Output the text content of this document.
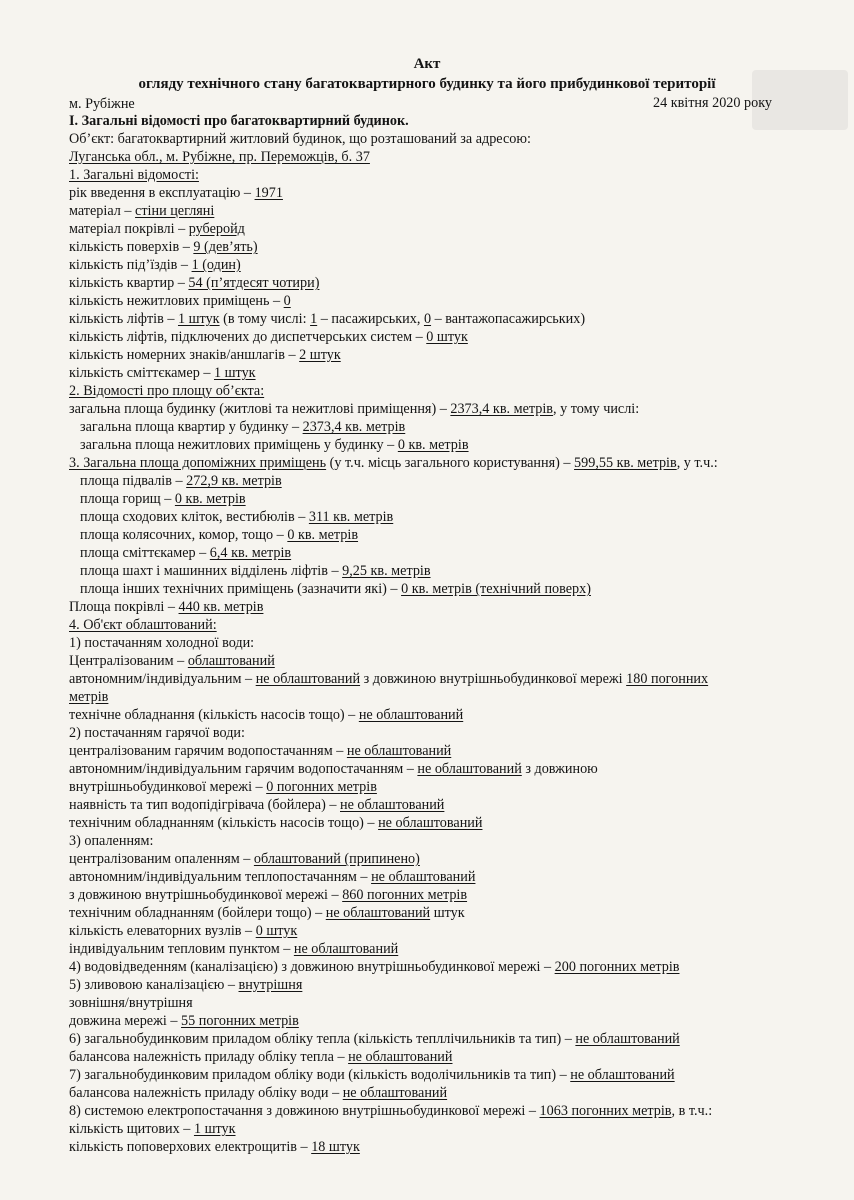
Акт
огляду технічного стану багатоквартирного будинку та його прибудинкової території
м. Рубіжне	24 квітня 2020 року
І. Загальні відомості про багатоквартирний будинок.
Об’єкт: багатоквартирний житловий будинок, що розташований за адресою:
Луганська обл., м. Рубіжне, пр. Переможців, б. 37
1. Загальні відомості:
рік введення в експлуатацію – 1971
матеріал – стіни цегляні
матеріал покрівлі – руберойд
кількість поверхів – 9 (дев’ять)
кількість під’їздів – 1 (один)
кількість квартир – 54 (п’ятдесят чотири)
кількість нежитлових приміщень – 0
кількість ліфтів – 1 штук (в тому числі: 1 – пасажирських, 0 – вантажопасажирських)
кількість ліфтів, підключених до диспетчерських систем – 0 штук
кількість номерних знаків/аншлагів – 2 штук
кількість сміттєкамер – 1 штук
2. Відомості про площу об’єкта:
загальна площа будинку (житлові та нежитлові приміщення) – 2373,4 кв. метрів, у тому числі:
загальна площа квартир у будинку – 2373,4 кв. метрів
загальна площа нежитлових приміщень у будинку – 0 кв. метрів
3. Загальна площа допоміжних приміщень (у т.ч. місць загального користування) – 599,55 кв. метрів, у т.ч.:
площа підвалів – 272,9 кв. метрів
площа горищ – 0 кв. метрів
площа сходових кліток, вестибюлів – 311 кв. метрів
площа колясочних, комор, тощо – 0 кв. метрів
площа сміттєкамер – 6,4 кв. метрів
площа шахт і машинних відділень ліфтів – 9,25 кв. метрів
площа інших технічних приміщень (зазначити які) – 0 кв. метрів (технічний поверх)
Площа покрівлі – 440 кв. метрів
4. Об'єкт облаштований:
1) постачанням холодної води:
Централізованим – облаштований
автономним/індивідуальним – не облаштований з довжиною внутрішньобудинкової мережі 180 погонних
метрів
технічне обладнання (кількість насосів тощо) – не облаштований
2) постачанням гарячої води:
централізованим гарячим водопостачанням – не облаштований
автономним/індивідуальним гарячим водопостачанням – не облаштований з довжиною
внутрішньобудинкової мережі – 0 погонних метрів
наявність та тип водопідігрівача (бойлера) – не облаштований
технічним обладнанням (кількість насосів тощо) – не облаштований
3) опаленням:
централізованим опаленням – облаштований (припинено)
автономним/індивідуальним теплопостачанням – не облаштований
з довжиною внутрішньобудинкової мережі – 860 погонних метрів
технічним обладнанням (бойлери тощо) – не облаштований штук
кількість елеваторних вузлів – 0 штук
індивідуальним тепловим пунктом – не облаштований
4) водовідведенням (каналізацією) з довжиною внутрішньобудинкової мережі – 200 погонних метрів
5) зливовою каналізацією – внутрішня
зовнішня/внутрішня
довжина мережі – 55 погонних метрів
6) загальнобудинковим приладом обліку тепла (кількість тепллічильників та тип) – не облаштований
балансова належність приладу обліку тепла – не облаштований
7) загальнобудинковим приладом обліку води (кількість водолічильників та тип) – не облаштований
балансова належність приладу обліку води – не облаштований
8) системою електропостачання з довжиною внутрішньобудинкової мережі – 1063 погонних метрів, в т.ч.:
кількість щитових – 1 штук
кількість поповерхових електрощитів – 18 штук
